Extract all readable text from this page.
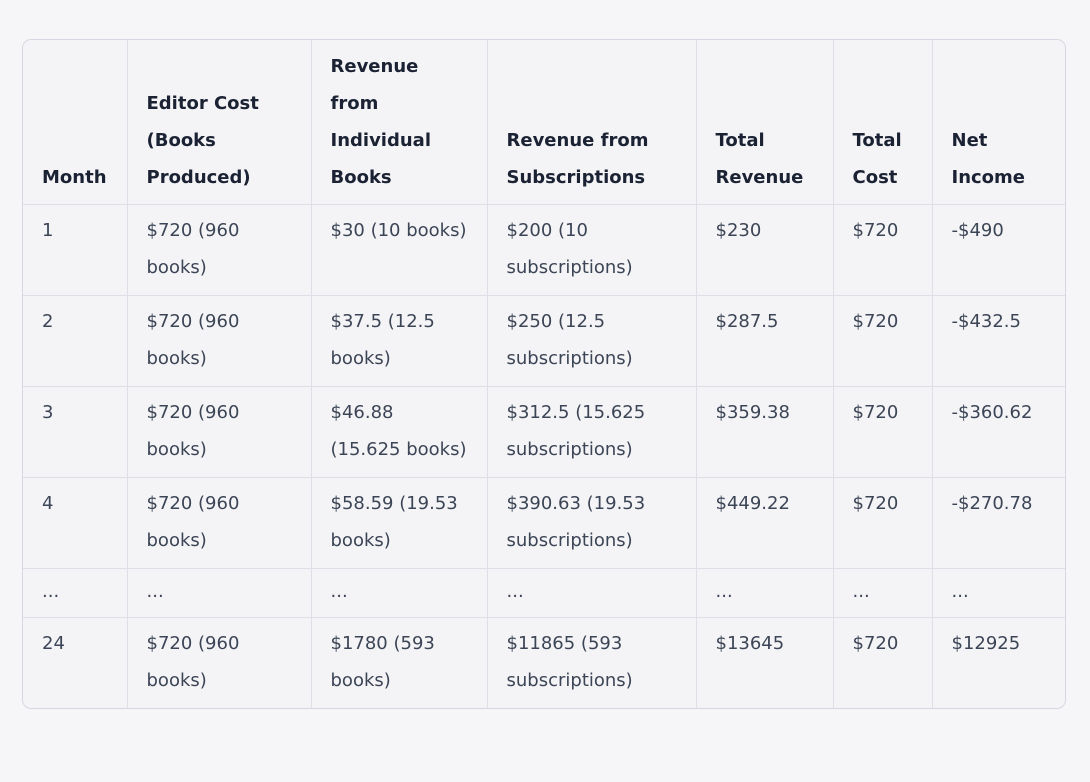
Month	Editor Cost (Books Produced)	Revenue from Individual Books	Revenue from Subscriptions	Total Revenue	Total Cost	Net Income
1	$720 (960 books)	$30 (10 books)	$200 (10 subscriptions)	$230	$720	-$490
2	$720 (960 books)	$37.5 (12.5 books)	$250 (12.5 subscriptions)	$287.5	$720	-$432.5
3	$720 (960 books)	$46.88 (15.625 books)	$312.5 (15.625 subscriptions)	$359.38	$720	-$360.62
4	$720 (960 books)	$58.59 (19.53 books)	$390.63 (19.53 subscriptions)	$449.22	$720	-$270.78
...	...	...	...	...	...	...
24	$720 (960 books)	$1780 (593 books)	$11865 (593 subscriptions)	$13645	$720	$12925
